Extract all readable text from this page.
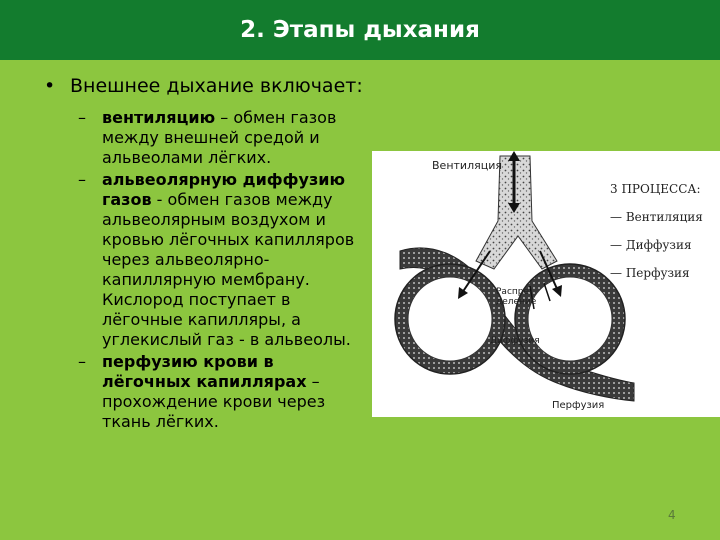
2. Этапы дыхания
• Внешнее дыхание включает:
–	вентиляцию – обмен газов между внешней средой и альвеолами лёгких.
–	альвеолярную диффузию газов - обмен газов между альвеолярным воздухом и кровью лёгочных капилляров через альвеолярно-капиллярную мембрану. Кислород поступает в лёгочные капилляры, а углекислый газ - в альвеолы.
–	перфузию крови в лёгочных капиллярах – прохождение крови через ткань лёгких.
Вентиляция
Распре-
деление
Диффузия
Перфузия
3 ПРОЦЕССА:
— Вентиляция
— Диффузия
— Перфузия
4
